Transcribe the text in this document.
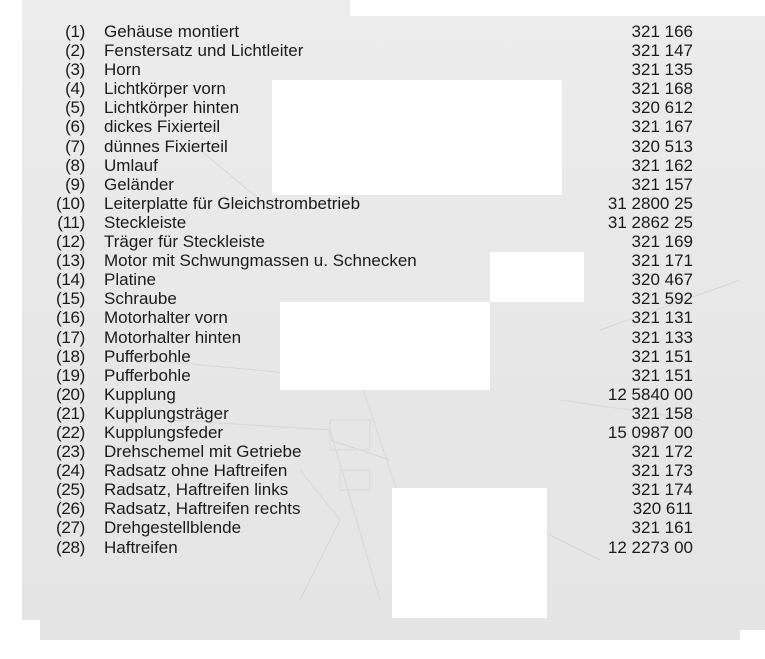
(1) Gehäuse montiert	321 166
(2) Fenstersatz und Lichtleiter	321 147
(3) Horn	321 135
(4) Lichtkörper vorn	321 168
(5) Lichtkörper hinten	320 612
(6) dickes Fixierteil	321 167
(7) dünnes Fixierteil	320 513
(8) Umlauf	321 162
(9) Geländer	321 157
(10) Leiterplatte für Gleichstrombetrieb	31 2800 25
(11) Steckleiste	31 2862 25
(12) Träger für Steckleiste	321 169
(13) Motor mit Schwungmassen u. Schnecken	321 171
(14) Platine	320 467
(15) Schraube	321 592
(16) Motorhalter vorn	321 131
(17) Motorhalter hinten	321 133
(18) Pufferbohle	321 151
(19) Pufferbohle	321 151
(20) Kupplung	12 5840 00
(21) Kupplungsträger	321 158
(22) Kupplungsfeder	15 0987 00
(23) Drehschemel mit Getriebe	321 172
(24) Radsatz ohne Haftreifen	321 173
(25) Radsatz, Haftreifen links	321 174
(26) Radsatz, Haftreifen rechts	320 611
(27) Drehgestellblende	321 161
(28) Haftreifen	12 2273 00
